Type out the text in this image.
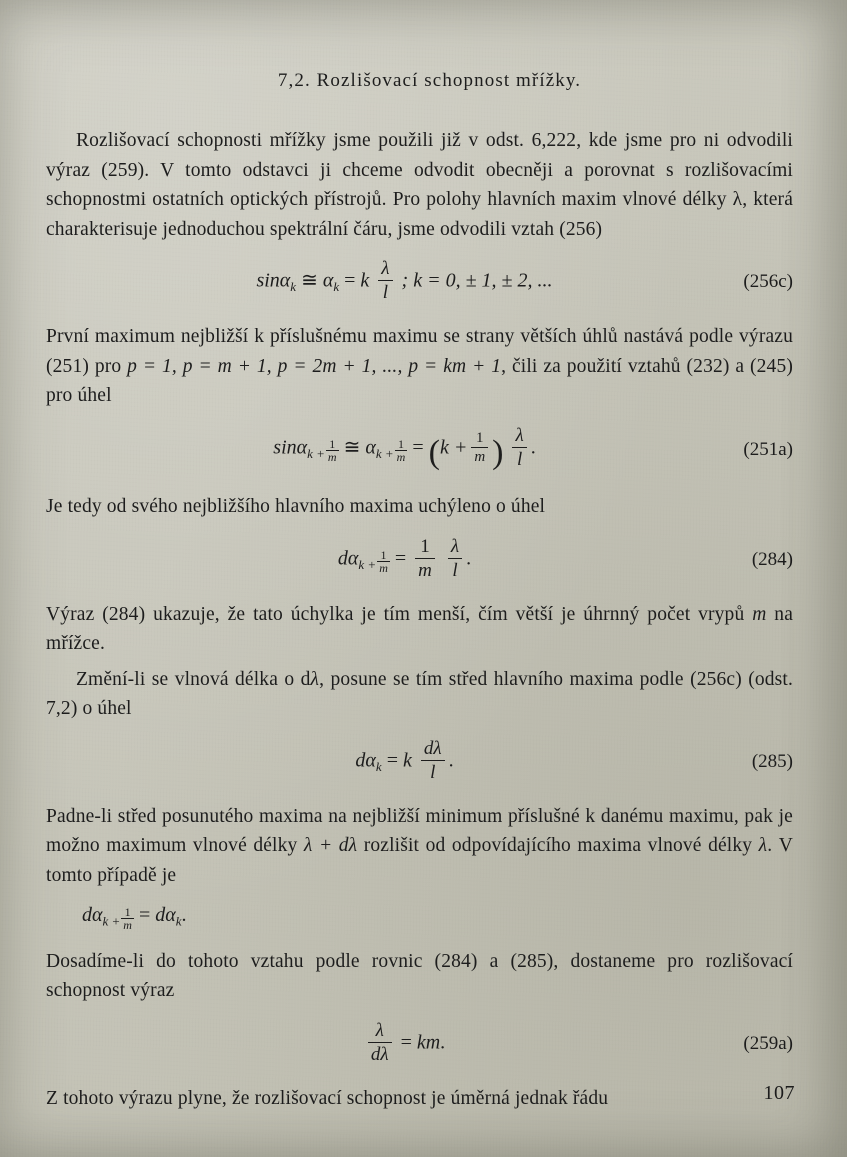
7,2. Rozlišovací schopnost mřížky.

Rozlišovací schopnosti mřížky jsme použili již v odst. 6,222, kde jsme pro ni odvodili výraz (259). V tomto odstavci ji chceme odvodit obecněji a porovnat s rozlišovacími schopnostmi ostatních optických přístrojů. Pro polohy hlavních maxim vlnové délky λ, která charakterisuje jednoduchou spektrální čáru, jsme odvodili vztah (256)

sinα$_k$ ≅ $\alpha_k = k \frac{\lambda}{l}$ ; k = 0, ± 1, ± 2, ...	(256c)

První maximum nejbližší k příslušnému maximu se strany větších úhlů nastává podle výrazu (251) pro p = 1, p = m + 1, p = 2m + 1, ..., p = km + 1, čili za použití vztahů (232) a (245) pro úhel

$\sin\alpha_{k +} \frac{1}{m}$ ≅ $\alpha_{k +} \frac{1}{m} = (k + \frac{1}{m}$ ) $\frac{\lambda}{l}$ .	(251a)

Je tedy od svého nejbližšího hlavního maxima uchýleno o úhel

$d\alpha_{k +} \frac{1}{m} = \frac{1}{m}$
$\frac{\lambda}{l}$ .	(284)

Výraz (284) ukazuje, že tato úchylka je tím menší, čím větší je úhrnný počet vrypů m na mřížce.

Změní-li se vlnová délka o dλ, posune se tím střed hlavního maxima podle (256c) (odst. 7,2) o úhel

$d\alpha_k = k \frac{d\lambda}{l}$ .	(285)

Padne-li střed posunutého maxima na nejbližší minimum příslušné k danému maximu, pak je možno maximum vlnové délky λ + dλ rozlišit od odpovídajícího maxima vlnové délky λ. V tomto případě je

$d\alpha_{k +} \frac{1}{m} = d\alpha_k$.

Dosadíme-li do tohoto vztahu podle rovnic (284) a (285), dostaneme pro rozlišovací schopnost výraz

$\frac{\lambda}{d\lambda}$ = km.	(259a)

Z tohoto výrazu plyne, že rozlišovací schopnost je úměrná jednak řádu	107
